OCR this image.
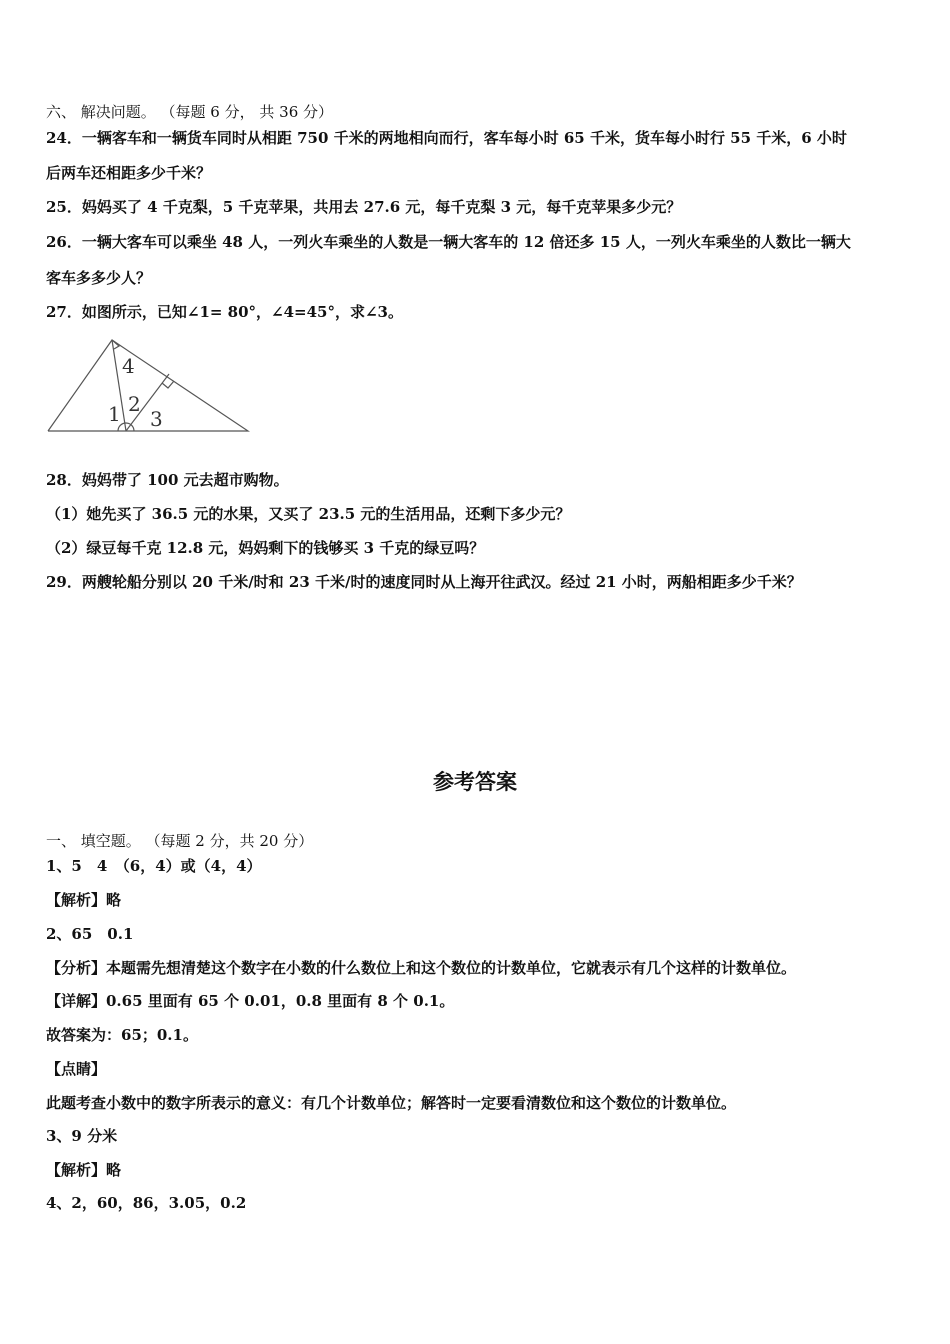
六、 解决问题。 （每题 6 分， 共 36 分）
24．一辆客车和一辆货车同时从相距 750 千米的两地相向而行，客车每小时 65 千米，货车每小时行 55 千米，6 小时
后两车还相距多少千米？
25．妈妈买了 4 千克梨，5 千克苹果，共用去 27.6 元，每千克梨 3 元，每千克苹果多少元？
26．一辆大客车可以乘坐 48 人，一列火车乘坐的人数是一辆大客车的 12 倍还多 15 人，一列火车乘坐的人数比一辆大
客车多多少人？
27．如图所示，已知∠1= 80°，∠4=45°，求∠3。
4
1 2
3
28．妈妈带了 100 元去超市购物。
（1）她先买了 36.5 元的水果，又买了 23.5 元的生活用品，还剩下多少元？
（2）绿豆每千克 12.8 元，妈妈剩下的钱够买 3 千克的绿豆吗？
29．两艘轮船分别以 20 千米/时和 23 千米/时的速度同时从上海开往武汉。经过 21 小时，两船相距多少千米？
参考答案
一、 填空题。 （每题 2 分，共 20 分）
1、5　4　（6，4）或（4，4）
【解析】略
2、65　0.1
【分析】本题需先想清楚这个数字在小数的什么数位上和这个数位的计数单位，它就表示有几个这样的计数单位。
【详解】0.65 里面有 65 个 0.01，0.8 里面有 8 个 0.1。
故答案为：65；0.1。
【点睛】
此题考查小数中的数字所表示的意义：有几个计数单位；解答时一定要看清数位和这个数位的计数单位。
3、9 分米
【解析】略
4、2，60，86，3.05，0.2
